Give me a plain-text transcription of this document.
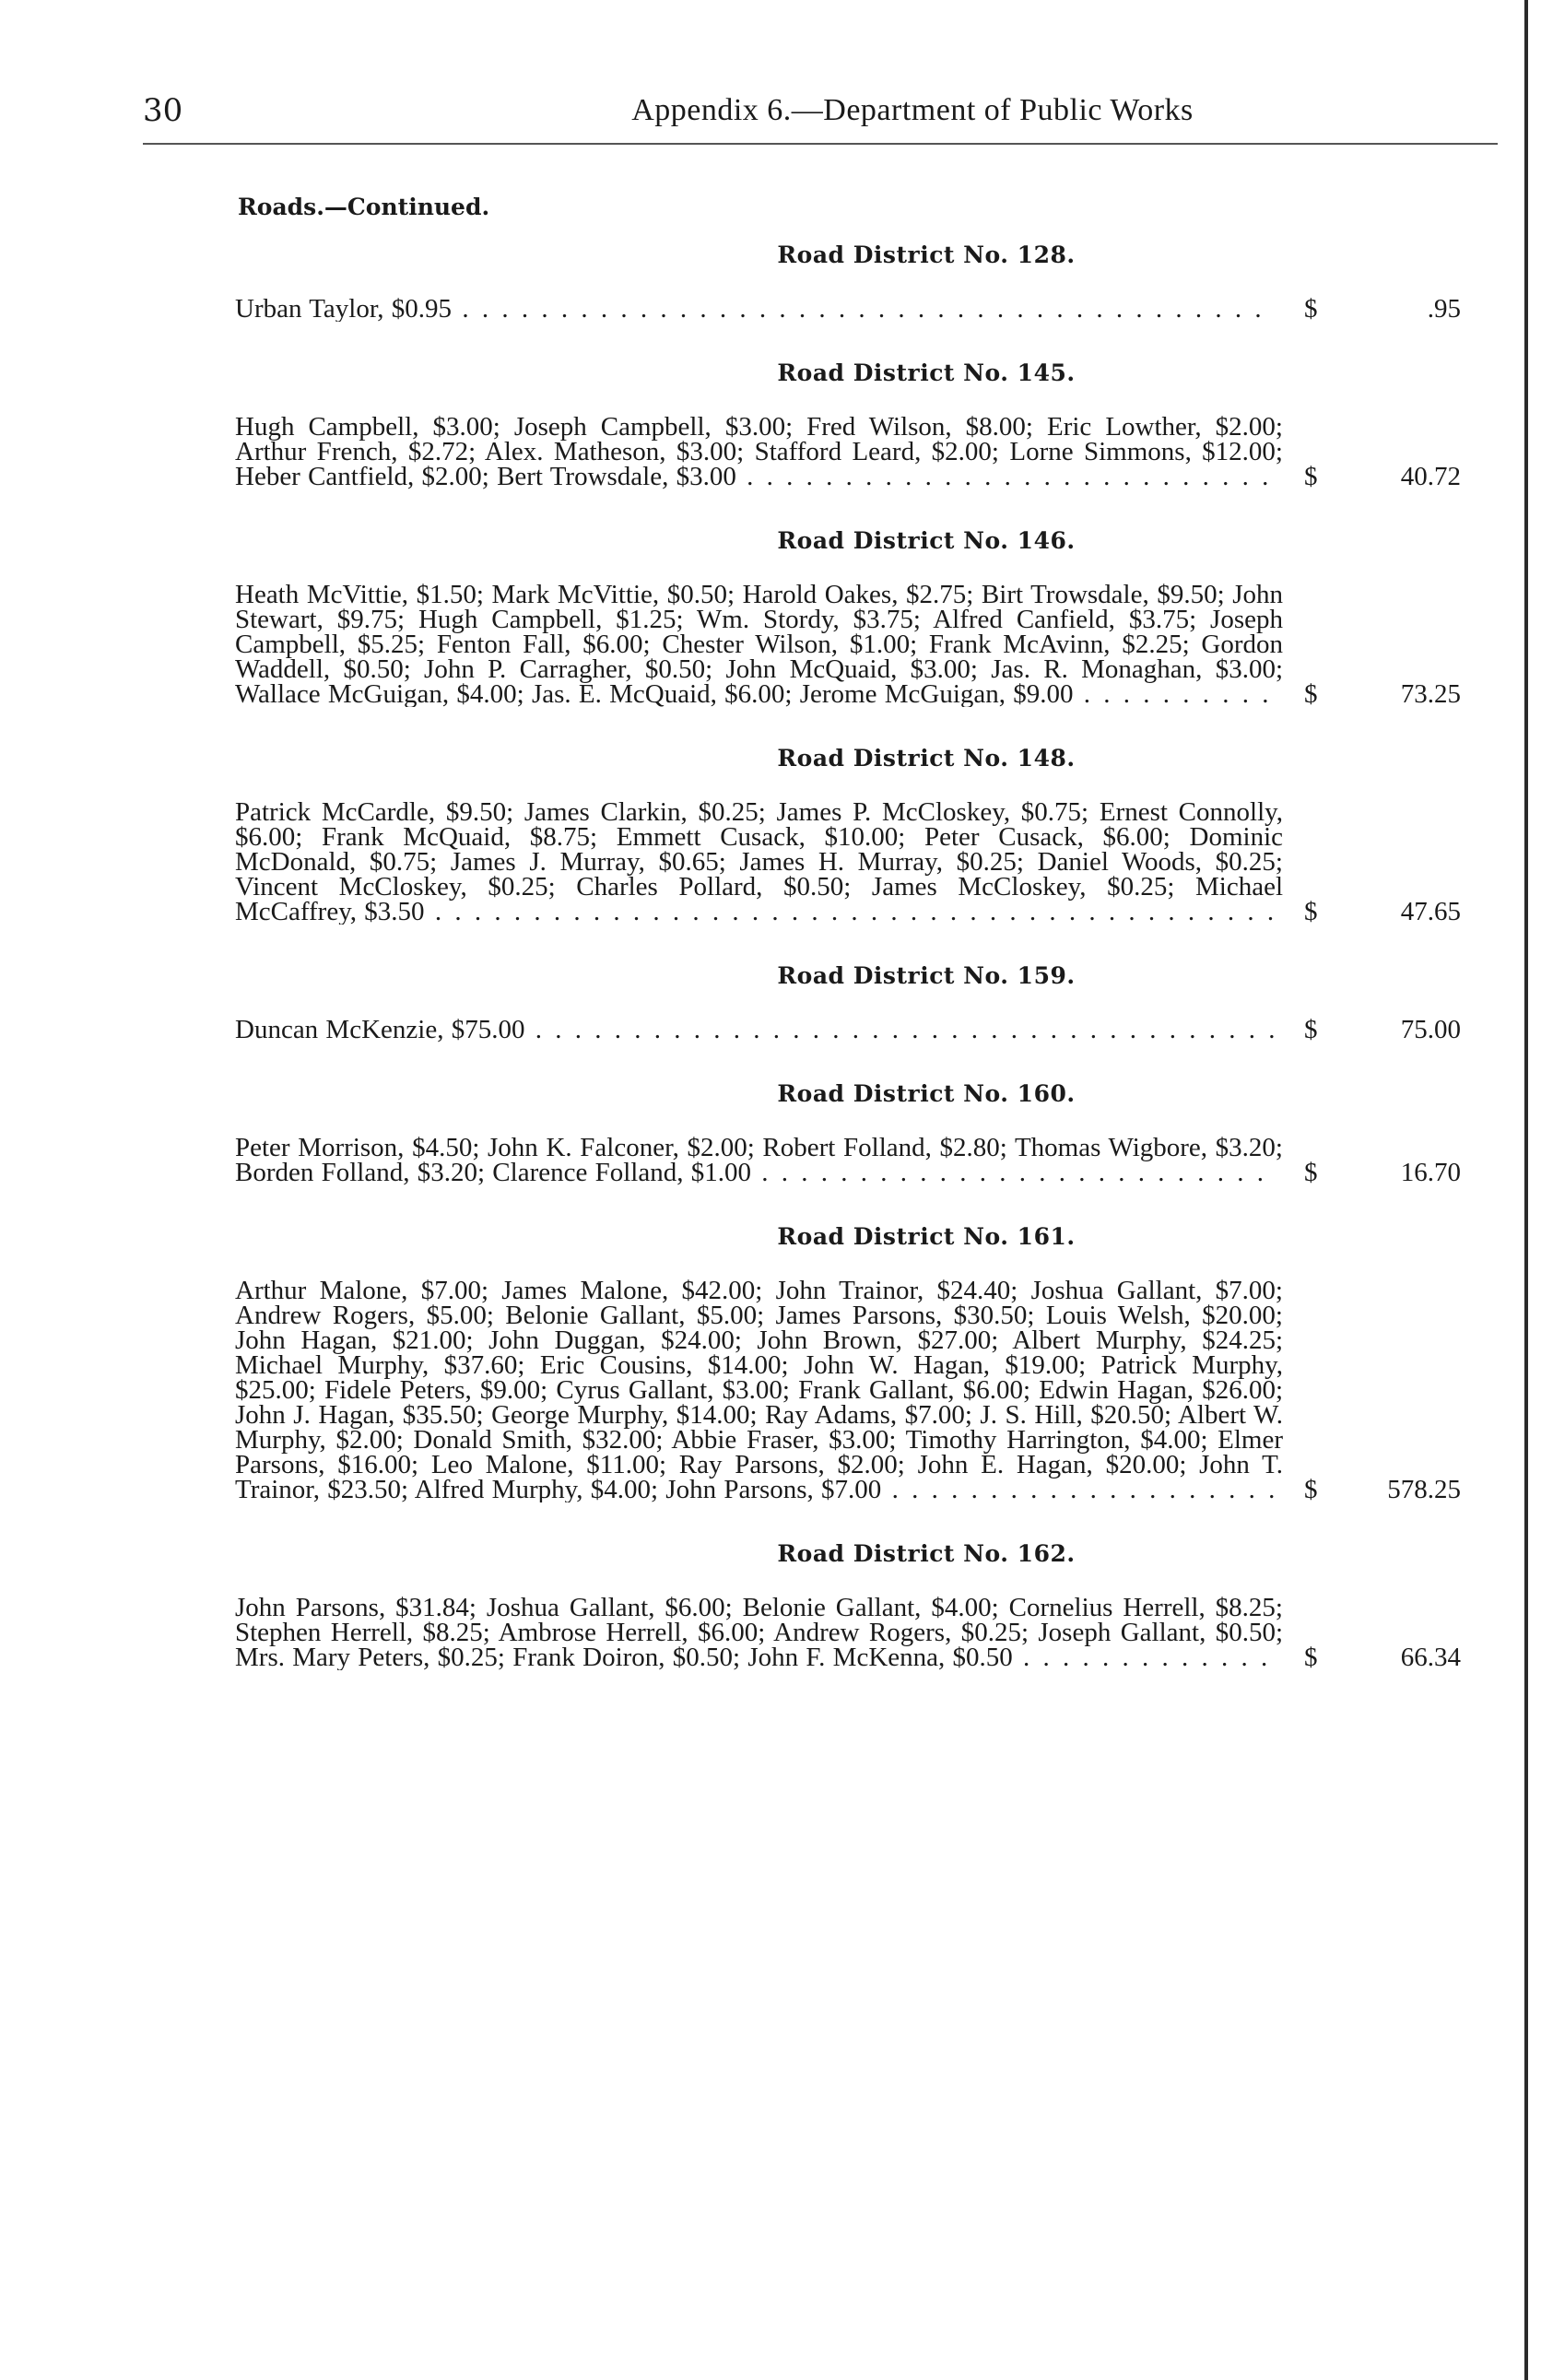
30	Appendix 6.—Department of Public Works
Roads.—Continued.
Road District No. 128.
Urban Taylor, $0.95 . . . . . . . . . . . . . . . . . . . . . . . . . . . . . . . . . . . . . . . . .	$	.95
Road District No. 145.
Hugh Campbell, $3.00; Joseph Campbell, $3.00; Fred Wilson, $8.00; Eric Lowther, $2.00; Arthur French, $2.72; Alex. Matheson, $3.00; Stafford Leard, $2.00; Lorne Simmons, $12.00; Heber Cantfield, $2.00; Bert Trowsdale, $3.00 . . . . . . . . . . . . . . . . . . . . . . . . . . .	$	40.72
Road District No. 146.
Heath McVittie, $1.50; Mark McVittie, $0.50; Harold Oakes, $2.75; Birt Trowsdale, $9.50; John Stewart, $9.75; Hugh Campbell, $1.25; Wm. Stordy, $3.75; Alfred Canfield, $3.75; Joseph Campbell, $5.25; Fenton Fall, $6.00; Chester Wilson, $1.00; Frank McAvinn, $2.25; Gordon Waddell, $0.50; John P. Carragher, $0.50; John McQuaid, $3.00; Jas. R. Monaghan, $3.00; Wallace McGuigan, $4.00; Jas. E. McQuaid, $6.00; Jerome McGuigan, $9.00 . . . . . . . . . .	$	73.25
Road District No. 148.
Patrick McCardle, $9.50; James Clarkin, $0.25; James P. McCloskey, $0.75; Ernest Connolly, $6.00; Frank McQuaid, $8.75; Emmett Cusack, $10.00; Peter Cusack, $6.00; Dominic McDonald, $0.75; James J. Murray, $0.65; James H. Murray, $0.25; Daniel Woods, $0.25; Vincent McCloskey, $0.25; Charles Pollard, $0.50; James McCloskey, $0.25; Michael McCaffrey, $3.50 . . . . . . . . . . . . . . . . . . . . . . . . . . . . . . . . . . . . . . . . . . . $	47.65
Road District No. 159.
Duncan McKenzie, $75.00 . . . . . . . . . . . . . . . . . . . . . . . . . . . . . . . . . . . . . . $	75.00
Road District No. 160.
Peter Morrison, $4.50; John K. Falconer, $2.00; Robert Folland, $2.80; Thomas Wigbore, $3.20; Borden Folland, $3.20; Clarence Folland, $1.00 . . . . . . . . . . . . . . . . . . . . . . . . . .	$	16.70
Road District No. 161.
Arthur Malone, $7.00; James Malone, $42.00; John Trainor, $24.40; Joshua Gallant, $7.00; Andrew Rogers, $5.00; Belonie Gallant, $5.00; James Parsons, $30.50; Louis Welsh, $20.00; John Hagan, $21.00; John Duggan, $24.00; John Brown, $27.00; Albert Murphy, $24.25; Michael Murphy, $37.60; Eric Cousins, $14.00; John W. Hagan, $19.00; Patrick Murphy, $25.00; Fidele Peters, $9.00; Cyrus Gallant, $3.00; Frank Gallant, $6.00; Edwin Hagan, $26.00; John J. Hagan, $35.50; George Murphy, $14.00; Ray Adams, $7.00; J. S. Hill, $20.50; Albert W. Murphy, $2.00; Donald Smith, $32.00; Abbie Fraser, $3.00; Timothy Harrington, $4.00; Elmer Parsons, $16.00; Leo Malone, $11.00; Ray Parsons, $2.00; John E. Hagan, $20.00; John T. Trainor, $23.50; Alfred Murphy, $4.00; John Parsons, $7.00 . . . . . . . . . . . . . . . . . . . . $	578.25
Road District No. 162.
John Parsons, $31.84; Joshua Gallant, $6.00; Belonie Gallant, $4.00; Cornelius Herrell, $8.25; Stephen Herrell, $8.25; Ambrose Herrell, $6.00; Andrew Rogers, $0.25; Joseph Gallant, $0.50; Mrs. Mary Peters, $0.25; Frank Doiron, $0.50; John F. McKenna, $0.50 . . . . . . . . . . . . .	$	66.34
